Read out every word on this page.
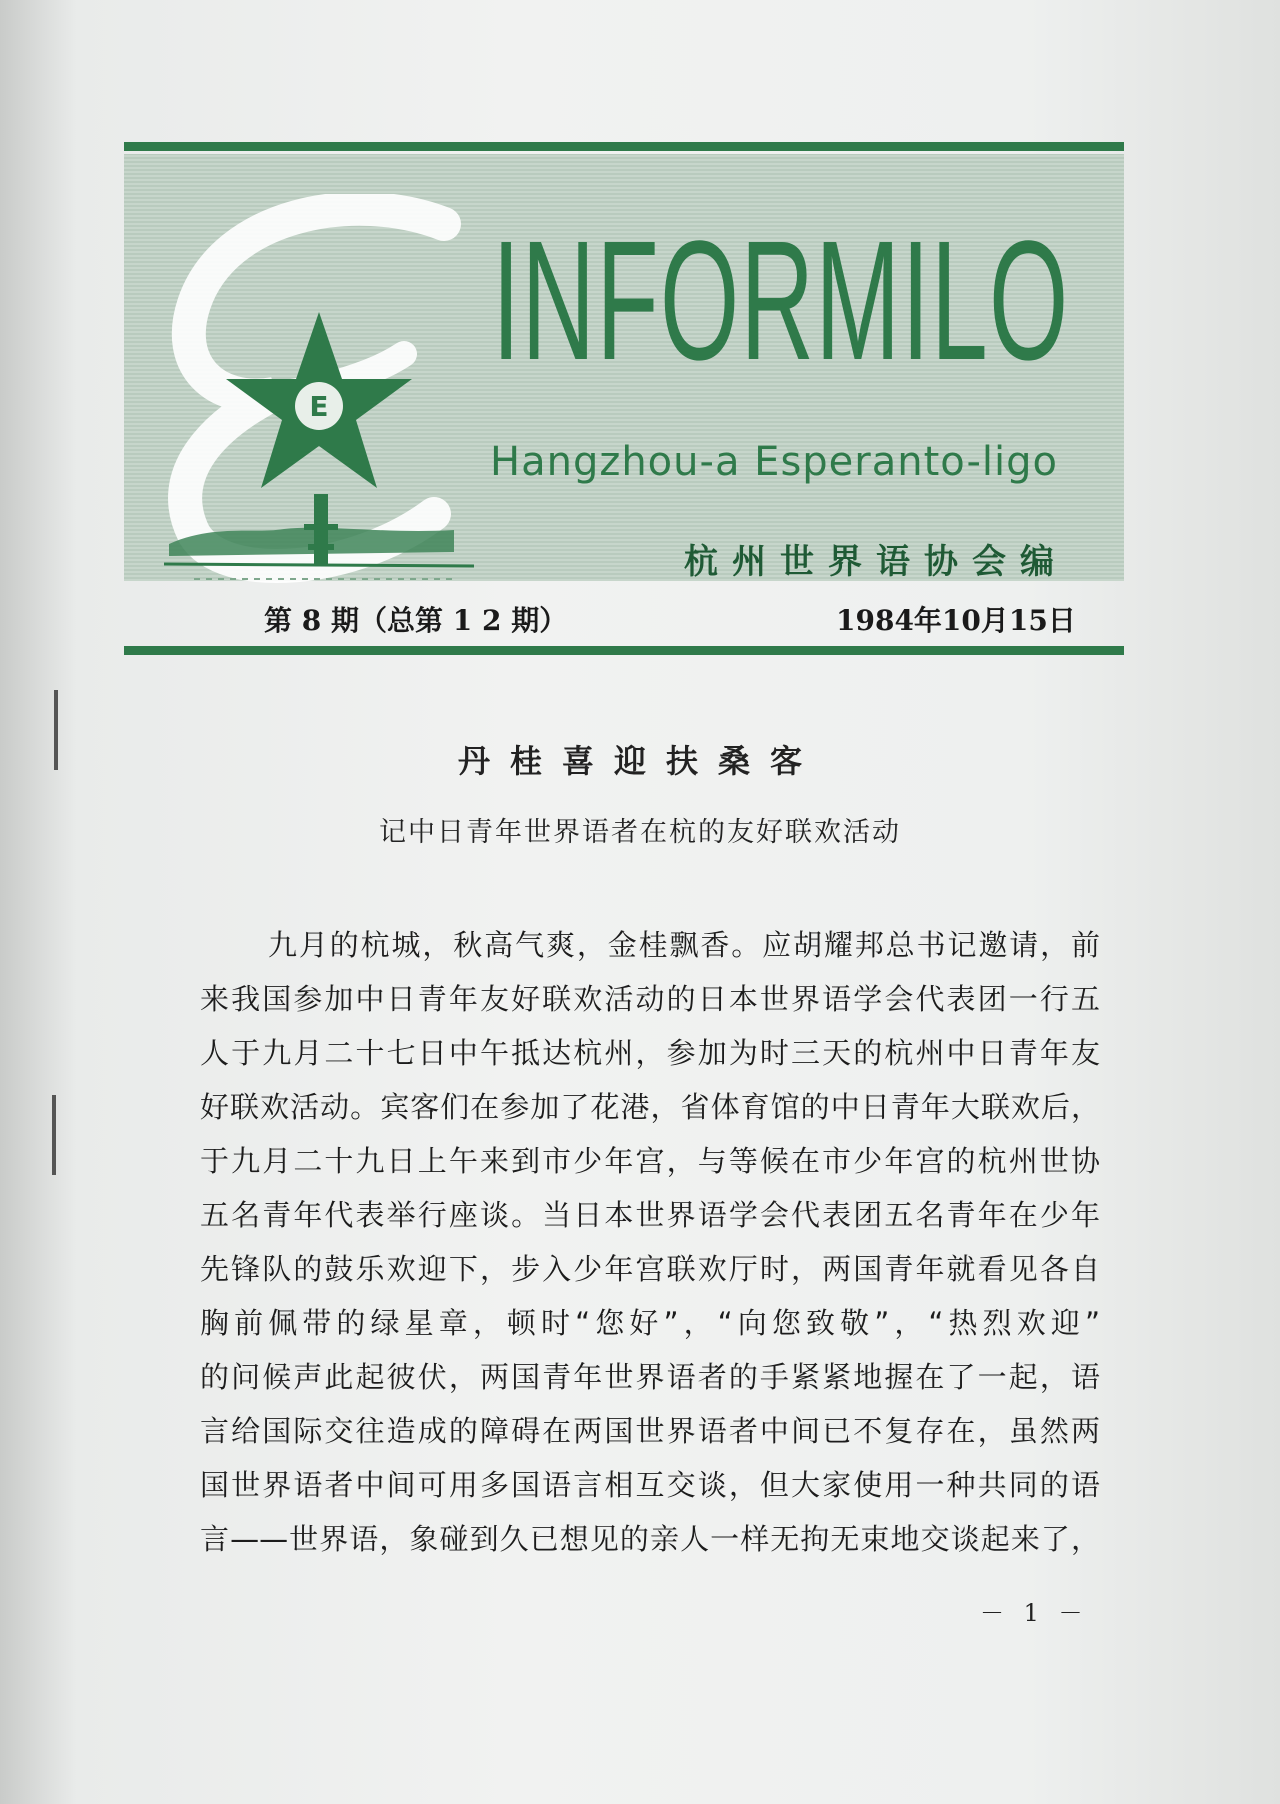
E
INFORMILO
Hangzhou-a Esperanto-ligo
杭州世界语协会编
第 8 期（总第 1 2 期）	1984年10月15日
丹桂喜迎扶桑客
记中日青年世界语者在杭的友好联欢活动
九月的杭城，秋高气爽，金桂飘香。应胡耀邦总书记邀请，前
来我国参加中日青年友好联欢活动的日本世界语学会代表团一行五
人于九月二十七日中午抵达杭州，参加为时三天的杭州中日青年友
好联欢活动。宾客们在参加了花港，省体育馆的中日青年大联欢后，
于九月二十九日上午来到市少年宫，与等候在市少年宫的杭州世协
五名青年代表举行座谈。当日本世界语学会代表团五名青年在少年
先锋队的鼓乐欢迎下，步入少年宫联欢厅时，两国青年就看见各自
胸前佩带的绿星章，顿时“您好”，“向您致敬”，“热烈欢迎”
的问候声此起彼伏，两国青年世界语者的手紧紧地握在了一起，语
言给国际交往造成的障碍在两国世界语者中间已不复存在，虽然两
国世界语者中间可用多国语言相互交谈，但大家使用一种共同的语
言——世界语，象碰到久已想见的亲人一样无拘无束地交谈起来了，
－ 1 －
